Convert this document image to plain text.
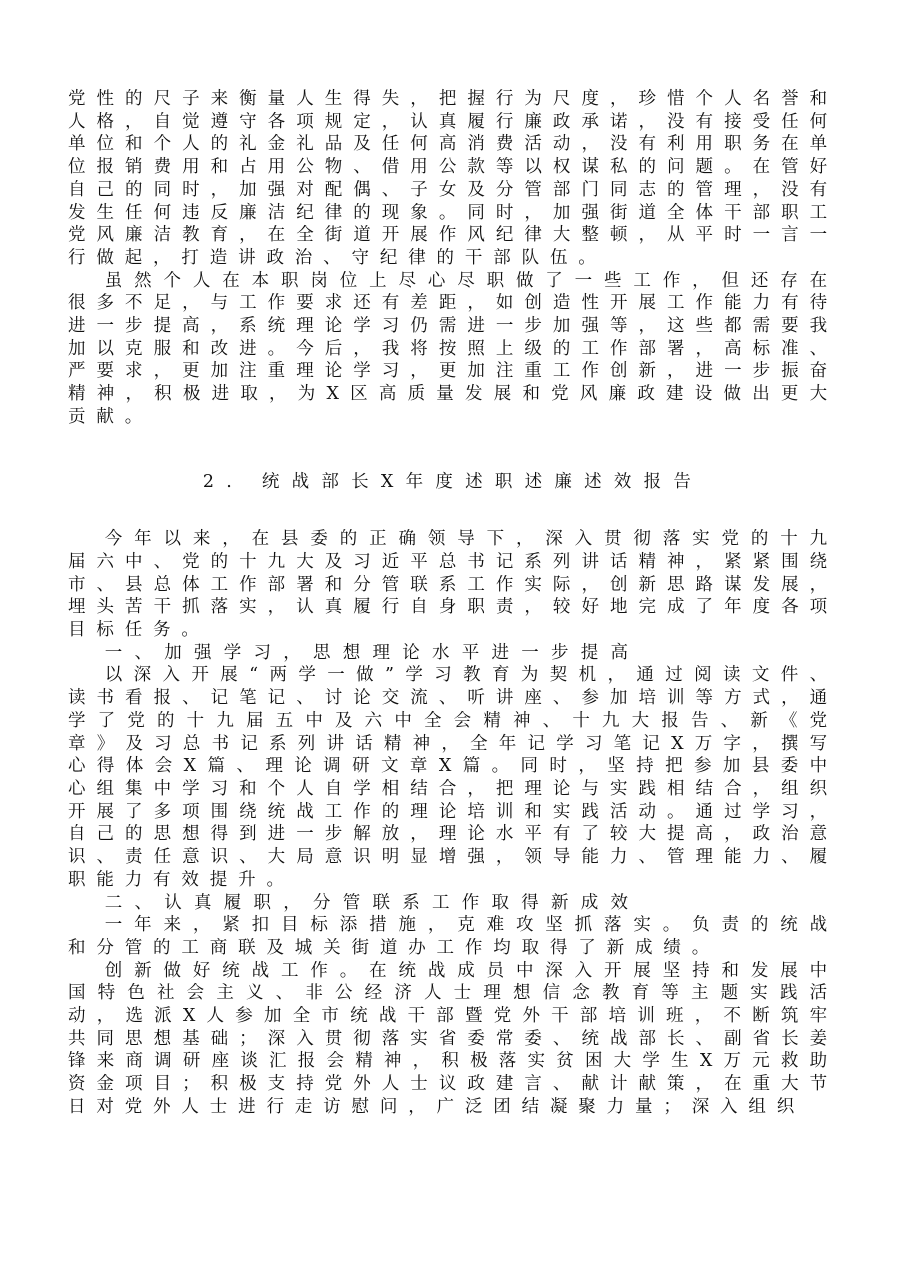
党性的尺子来衡量人生得失，把握行为尺度，珍惜个人名誉和人格，自觉遵守各项规定，认真履行廉政承诺，没有接受任何单位和个人的礼金礼品及任何高消费活动，没有利用职务在单位报销费用和占用公物、借用公款等以权谋私的问题。在管好自己的同时，加强对配偶、子女及分管部门同志的管理，没有发生任何违反廉洁纪律的现象。同时，加强街道全体干部职工党风廉洁教育，在全街道开展作风纪律大整顿，从平时一言一行做起，打造讲政治、守纪律的干部队伍。

虽然个人在本职岗位上尽心尽职做了一些工作，但还存在很多不足，与工作要求还有差距，如创造性开展工作能力有待进一步提高，系统理论学习仍需进一步加强等，这些都需要我加以克服和改进。今后，我将按照上级的工作部署，高标准、严要求，更加注重理论学习，更加注重工作创新，进一步振奋精神，积极进取，为X区高质量发展和党风廉政建设做出更大贡献。

2. 统战部长X年度述职述廉述效报告

今年以来，在县委的正确领导下，深入贯彻落实党的十九届六中、党的十九大及习近平总书记系列讲话精神，紧紧围绕市、县总体工作部署和分管联系工作实际，创新思路谋发展，埋头苦干抓落实，认真履行自身职责，较好地完成了年度各项目标任务。

一、加强学习，思想理论水平进一步提高

以深入开展“两学一做”学习教育为契机，通过阅读文件、读书看报、记笔记、讨论交流、听讲座、参加培训等方式，通学了党的十九届五中及六中全会精神、十九大报告、新《党章》及习总书记系列讲话精神，全年记学习笔记X万字，撰写心得体会X篇、理论调研文章X篇。同时，坚持把参加县委中心组集中学习和个人自学相结合，把理论与实践相结合，组织开展了多项围绕统战工作的理论培训和实践活动。通过学习，自己的思想得到进一步解放，理论水平有了较大提高，政治意识、责任意识、大局意识明显增强，领导能力、管理能力、履职能力有效提升。

二、认真履职，分管联系工作取得新成效

一年来，紧扣目标添措施，克难攻坚抓落实。负责的统战和分管的工商联及城关街道办工作均取得了新成绩。

创新做好统战工作。在统战成员中深入开展坚持和发展中国特色社会主义、非公经济人士理想信念教育等主题实践活动，选派X人参加全市统战干部暨党外干部培训班，不断筑牢共同思想基础；深入贯彻落实省委常委、统战部长、副省长姜锋来商调研座谈汇报会精神，积极落实贫困大学生X万元救助资金项目；积极支持党外人士议政建言、献计献策，在重大节日对党外人士进行走访慰问，广泛团结凝聚力量；深入组织
